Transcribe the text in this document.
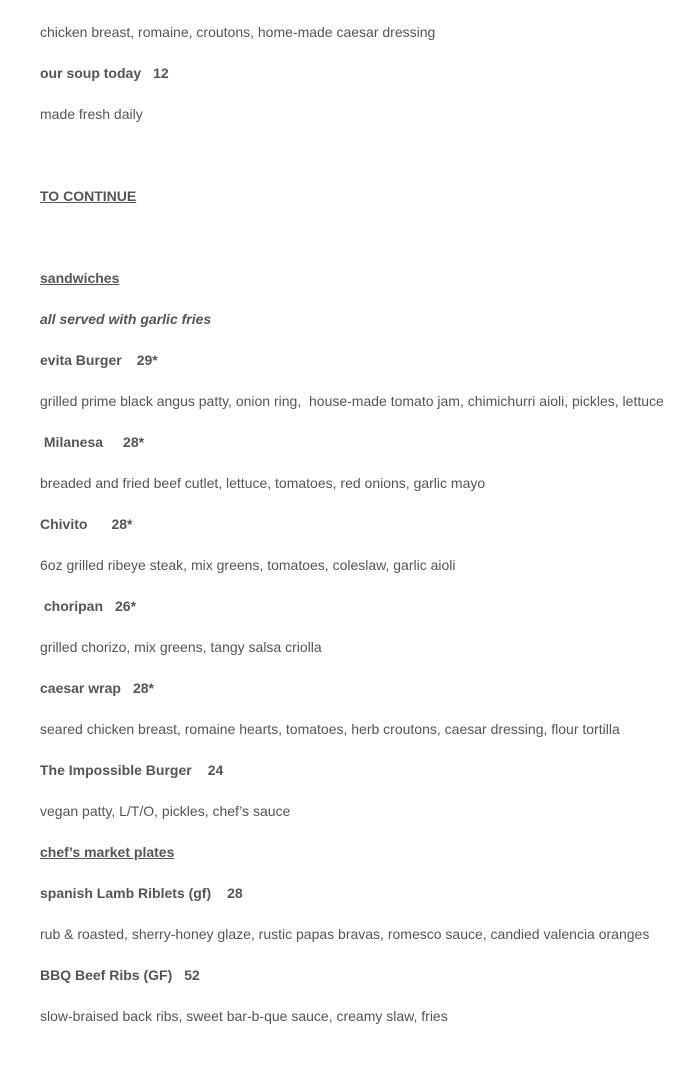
chicken breast, romaine, croutons, home-made caesar dressing
our soup today 12
made fresh daily
TO CONTINUE
sandwiches
all served with garlic fries
evita Burger 29*
grilled prime black angus patty, onion ring,  house-made tomato jam, chimichurri aioli, pickles, lettuce
Milanesa 28*
breaded and fried beef cutlet, lettuce, tomatoes, red onions, garlic mayo
Chivito 28*
6oz grilled ribeye steak, mix greens, tomatoes, coleslaw, garlic aioli
choripan 26*
grilled chorizo, mix greens, tangy salsa criolla
caesar wrap 28*
seared chicken breast, romaine hearts, tomatoes, herb croutons, caesar dressing, flour tortilla
The Impossible Burger 24
vegan patty, L/T/O, pickles, chef’s sauce
chef’s market plates
spanish Lamb Riblets (gf) 28
rub & roasted, sherry-honey glaze, rustic papas bravas, romesco sauce, candied valencia oranges
BBQ Beef Ribs (GF) 52
slow-braised back ribs, sweet bar-b-que sauce, creamy slaw, fries
